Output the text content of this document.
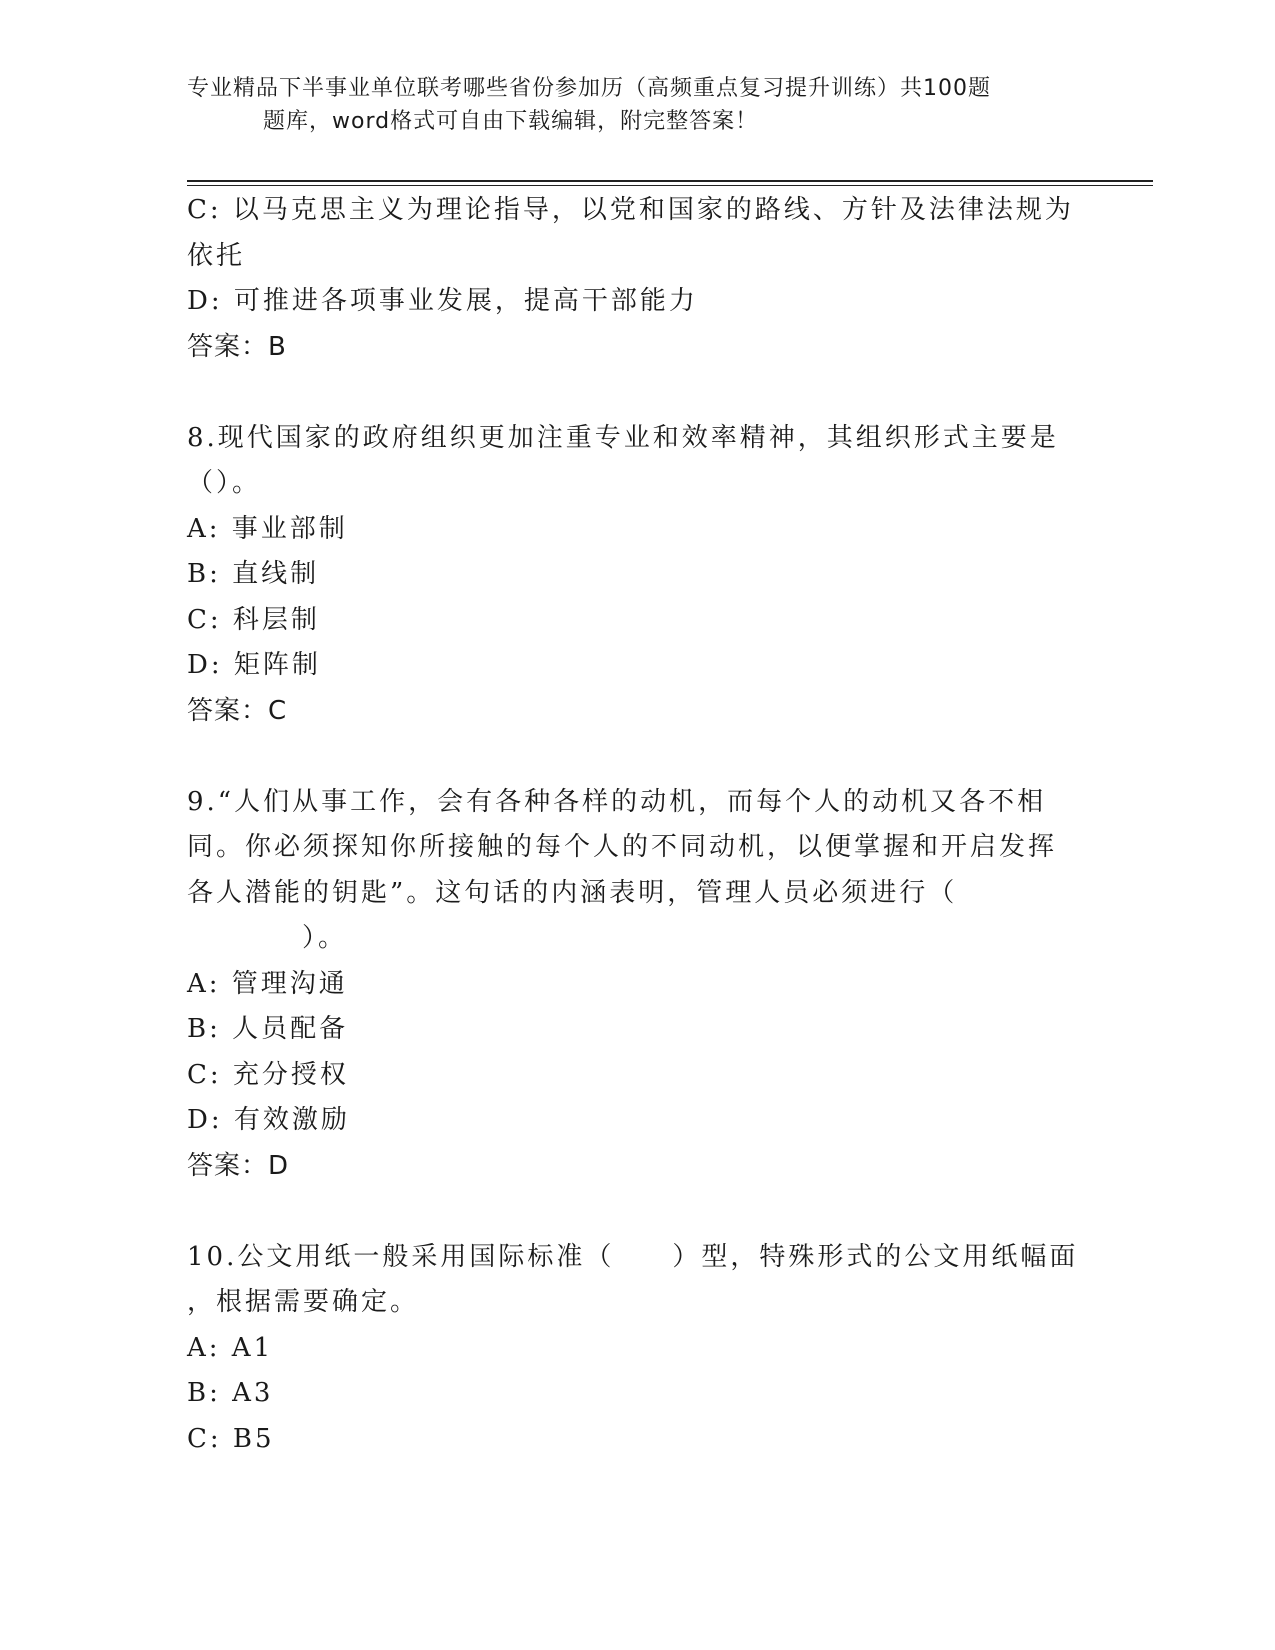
专业精品下半事业单位联考哪些省份参加历（高频重点复习提升训练）共100题
题库，word格式可自由下载编辑，附完整答案！
C: 以马克思主义为理论指导，以党和国家的路线、方针及法律法规为
依托
D: 可推进各项事业发展，提高干部能力
答案：B
8.现代国家的政府组织更加注重专业和效率精神，其组织形式主要是
（）。
A: 事业部制
B: 直线制
C: 科层制
D: 矩阵制
答案：C
9.“人们从事工作，会有各种各样的动机，而每个人的动机又各不相
同。你必须探知你所接触的每个人的不同动机，以便掌握和开启发挥
各人潜能的钥匙”。这句话的内涵表明，管理人员必须进行（
）。
A: 管理沟通
B: 人员配备
C: 充分授权
D: 有效激励
答案：D
10.公文用纸一般采用国际标准（　　）型，特殊形式的公文用纸幅面
，根据需要确定。
A: A1
B: A3
C: B5
